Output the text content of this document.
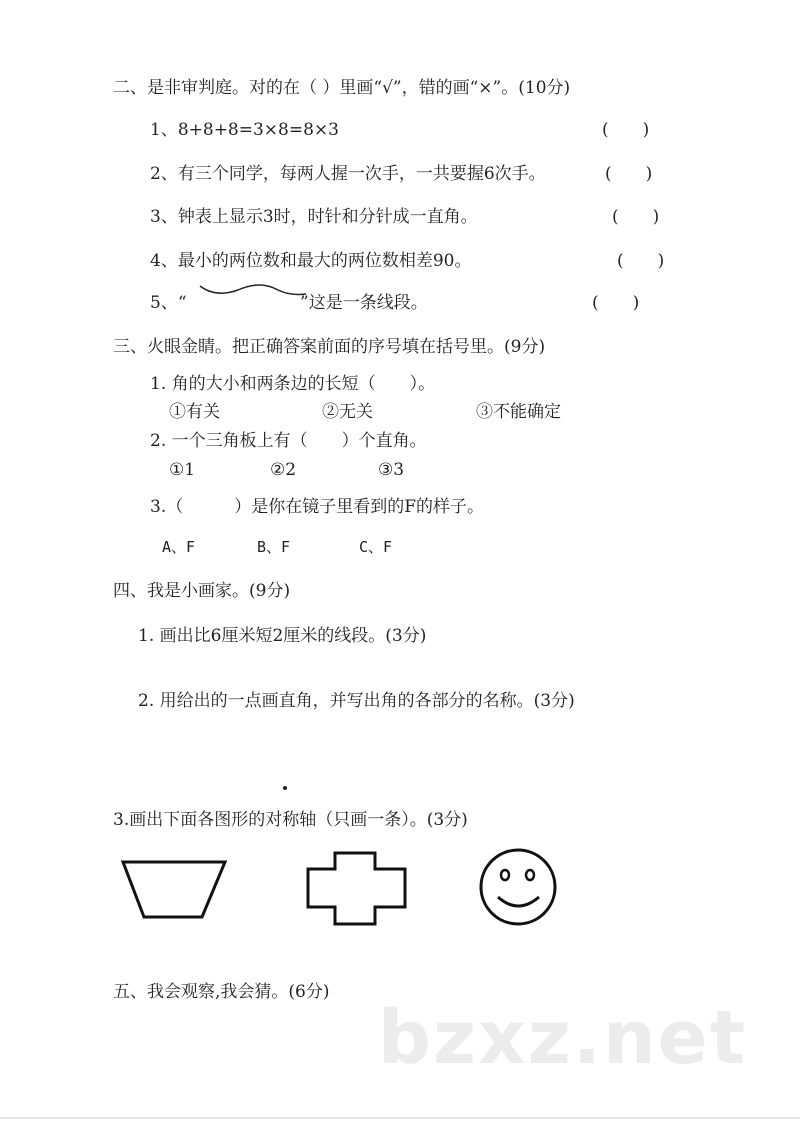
二、是非审判庭。对的在（ ）里画“√”，错的画“×”。(10分)
1、8+8+8=3×8=8×3	(　　)
2、有三个同学，每两人握一次手，一共要握6次手。	(　　)
3、钟表上显示3时，时针和分针成一直角。	(　　)
4、最小的两位数和最大的两位数相差90。	(　　)
5、“	”这是一条线段。	(　　)
三、火眼金睛。把正确答案前面的序号填在括号里。(9分)
1. 角的大小和两条边的长短（　　）。
①有关	②无关	③不能确定
2. 一个三角板上有（　　）个直角。
①1	②2	③3
3.（　　　）是你在镜子里看到的F的样子。
A、F	B、F	C、F
四、我是小画家。(9分)
1. 画出比6厘米短2厘米的线段。(3分)
2. 用给出的一点画直角，并写出角的各部分的名称。(3分)
3.画出下面各图形的对称轴（只画一条）。(3分)
五、我会观察,我会猜。(6分)
bzxz.net
